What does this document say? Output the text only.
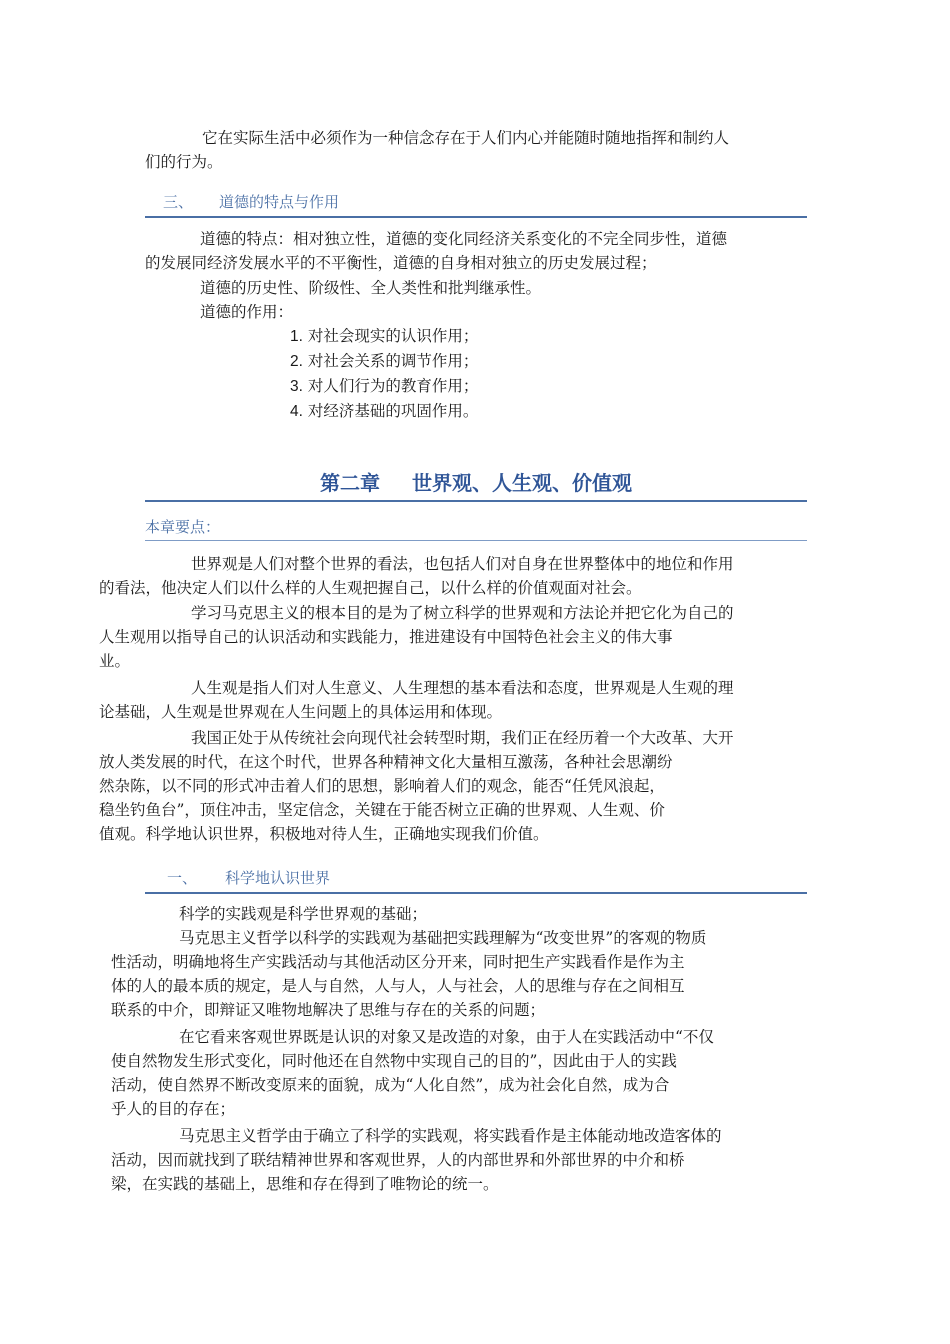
它在实际生活中必须作为一种信念存在于人们内心并能随时随地指挥和制约人

们的行为。
三、 道德的特点与作用
道德的特点：相对独立性，道德的变化同经济关系变化的不完全同步性，道德
的发展同经济发展水平的不平衡性，道德的自身相对独立的历史发展过程；
道德的历史性、阶级性、全人类性和批判继承性。
道德的作用：
1. 对社会现实的认识作用；
2. 对社会关系的调节作用；
3. 对人们行为的教育作用；
4. 对经济基础的巩固作用。
第二章 世界观、人生观、价值观
本章要点：
世界观是人们对整个世界的看法，也包括人们对自身在世界整体中的地位和作用
的看法，他决定人们以什么样的人生观把握自己，以什么样的价值观面对社会。
学习马克思主义的根本目的是为了树立科学的世界观和方法论并把它化为自己的
人生观用以指导自己的认识活动和实践能力，推进建设有中国特色社会主义的伟大事
业。
人生观是指人们对人生意义、人生理想的基本看法和态度，世界观是人生观的理
论基础，人生观是世界观在人生问题上的具体运用和体现。
我国正处于从传统社会向现代社会转型时期，我们正在经历着一个大改革、大开
放人类发展的时代，在这个时代，世界各种精神文化大量相互激荡，各种社会思潮纷
然杂陈，以不同的形式冲击着人们的思想，影响着人们的观念，能否“任凭风浪起，
稳坐钓鱼台”，顶住冲击，坚定信念，关键在于能否树立正确的世界观、人生观、价
值观。科学地认识世界，积极地对待人生，正确地实现我们价值。
一、 科学地认识世界
科学的实践观是科学世界观的基础；
马克思主义哲学以科学的实践观为基础把实践理解为“改变世界”的客观的物质
性活动，明确地将生产实践活动与其他活动区分开来，同时把生产实践看作是作为主
体的人的最本质的规定，是人与自然，人与人，人与社会，人的思维与存在之间相互
联系的中介，即辩证又唯物地解决了思维与存在的关系的问题；
在它看来客观世界既是认识的对象又是改造的对象，由于人在实践活动中“不仅
使自然物发生形式变化，同时他还在自然物中实现自己的目的”，因此由于人的实践
活动，使自然界不断改变原来的面貌，成为“人化自然”，成为社会化自然，成为合
乎人的目的存在；
马克思主义哲学由于确立了科学的实践观，将实践看作是主体能动地改造客体的
活动，因而就找到了联结精神世界和客观世界，人的内部世界和外部世界的中介和桥
梁，在实践的基础上，思维和存在得到了唯物论的统一。
